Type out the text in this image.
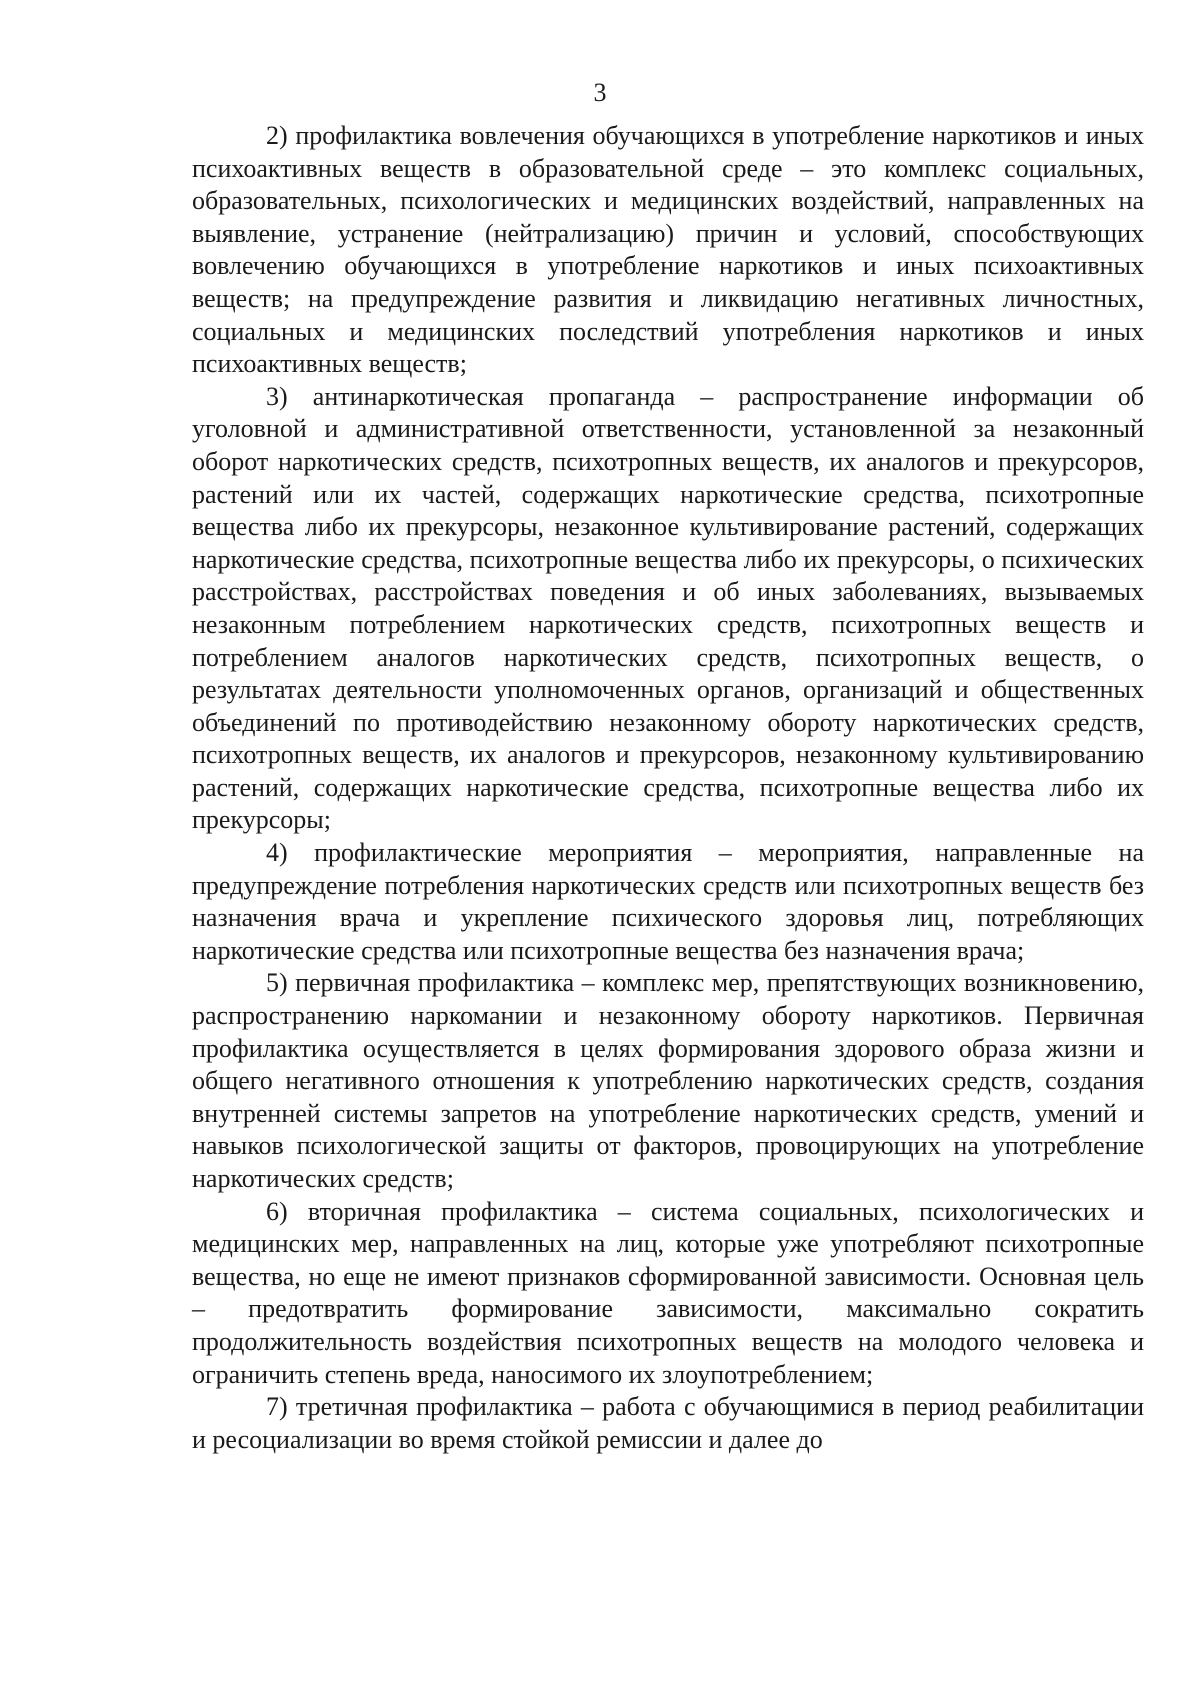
3

2) профилактика вовлечения обучающихся в употребление наркотиков и иных психоактивных веществ в образовательной среде – это комплекс социальных, образовательных, психологических и медицинских воздействий, направленных на выявление, устранение (нейтрализацию) причин и условий, способствующих вовлечению обучающихся в употребление наркотиков и иных психоактивных веществ; на предупреждение развития и ликвидацию негативных личностных, социальных и медицинских последствий употребления наркотиков и иных психоактивных веществ;

3) антинаркотическая пропаганда – распространение информации об уголовной и административной ответственности, установленной за незаконный оборот наркотических средств, психотропных веществ, их аналогов и прекурсоров, растений или их частей, содержащих наркотические средства, психотропные вещества либо их прекурсоры, незаконное культивирование растений, содержащих наркотические средства, психотропные вещества либо их прекурсоры, о психических расстройствах, расстройствах поведения и об иных заболеваниях, вызываемых незаконным потреблением наркотических средств, психотропных веществ и потреблением аналогов наркотических средств, психотропных веществ, о результатах деятельности уполномоченных органов, организаций и общественных объединений по противодействию незаконному обороту наркотических средств, психотропных веществ, их аналогов и прекурсоров, незаконному культивированию растений, содержащих наркотические средства, психотропные вещества либо их прекурсоры;

4) профилактические мероприятия – мероприятия, направленные на предупреждение потребления наркотических средств или психотропных веществ без назначения врача и укрепление психического здоровья лиц, потребляющих наркотические средства или психотропные вещества без назначения врача;

5) первичная профилактика – комплекс мер, препятствующих возникновению, распространению наркомании и незаконному обороту наркотиков. Первичная профилактика осуществляется в целях формирования здорового образа жизни и общего негативного отношения к употреблению наркотических средств, создания внутренней системы запретов на употребление наркотических средств, умений и навыков психологической защиты от факторов, провоцирующих на употребление наркотических средств;

6) вторичная профилактика – система социальных, психологических и медицинских мер, направленных на лиц, которые уже употребляют психотропные вещества, но еще не имеют признаков сформированной зависимости. Основная цель – предотвратить формирование зависимости, максимально сократить продолжительность воздействия психотропных веществ на молодого человека и ограничить степень вреда, наносимого их злоупотреблением;

7) третичная профилактика – работа с обучающимися в период реабилитации и ресоциализации во время стойкой ремиссии и далее до
